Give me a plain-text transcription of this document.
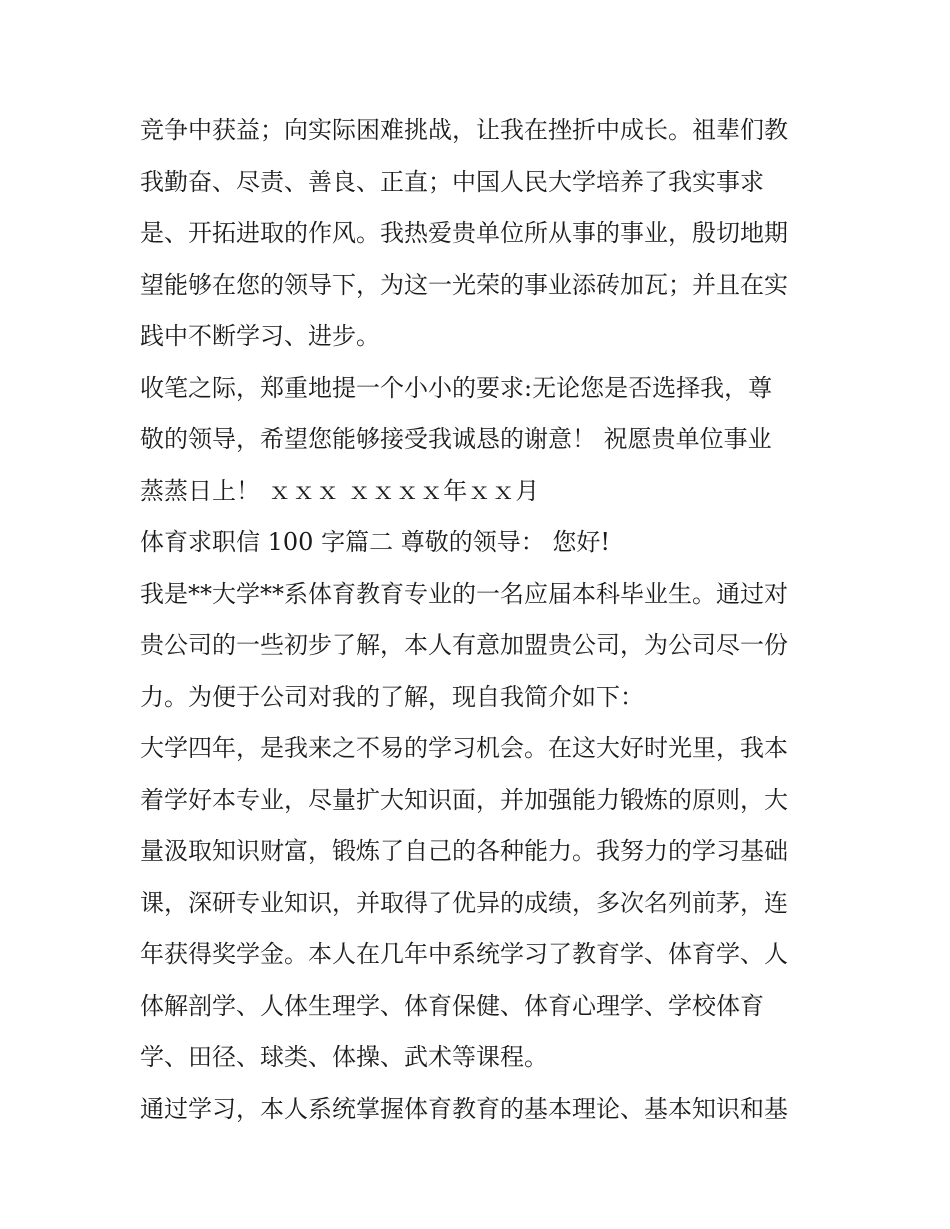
竞争中获益；向实际困难挑战，让我在挫折中成长。祖辈们教
我勤奋、尽责、善良、正直；中国人民大学培养了我实事求
是、开拓进取的作风。我热爱贵单位所从事的事业，殷切地期
望能够在您的领导下，为这一光荣的事业添砖加瓦；并且在实
践中不断学习、进步。
收笔之际，郑重地提一个小小的要求:无论您是否选择我，尊
敬的领导，希望您能够接受我诚恳的谢意！ 祝愿贵单位事业
蒸蒸日上！ ｘｘｘ ｘｘｘｘ年ｘｘ月
体育求职信 100 字篇二 尊敬的领导： 您好!
我是**大学**系体育教育专业的一名应届本科毕业生。通过对
贵公司的一些初步了解，本人有意加盟贵公司，为公司尽一份
力。为便于公司对我的了解，现自我简介如下：
大学四年，是我来之不易的学习机会。在这大好时光里，我本
着学好本专业，尽量扩大知识面，并加强能力锻炼的原则，大
量汲取知识财富，锻炼了自己的各种能力。我努力的学习基础
课，深研专业知识，并取得了优异的成绩，多次名列前茅，连
年获得奖学金。本人在几年中系统学习了教育学、体育学、人
体解剖学、人体生理学、体育保健、体育心理学、学校体育
学、田径、球类、体操、武术等课程。
通过学习，本人系统掌握体育教育的基本理论、基本知识和基
